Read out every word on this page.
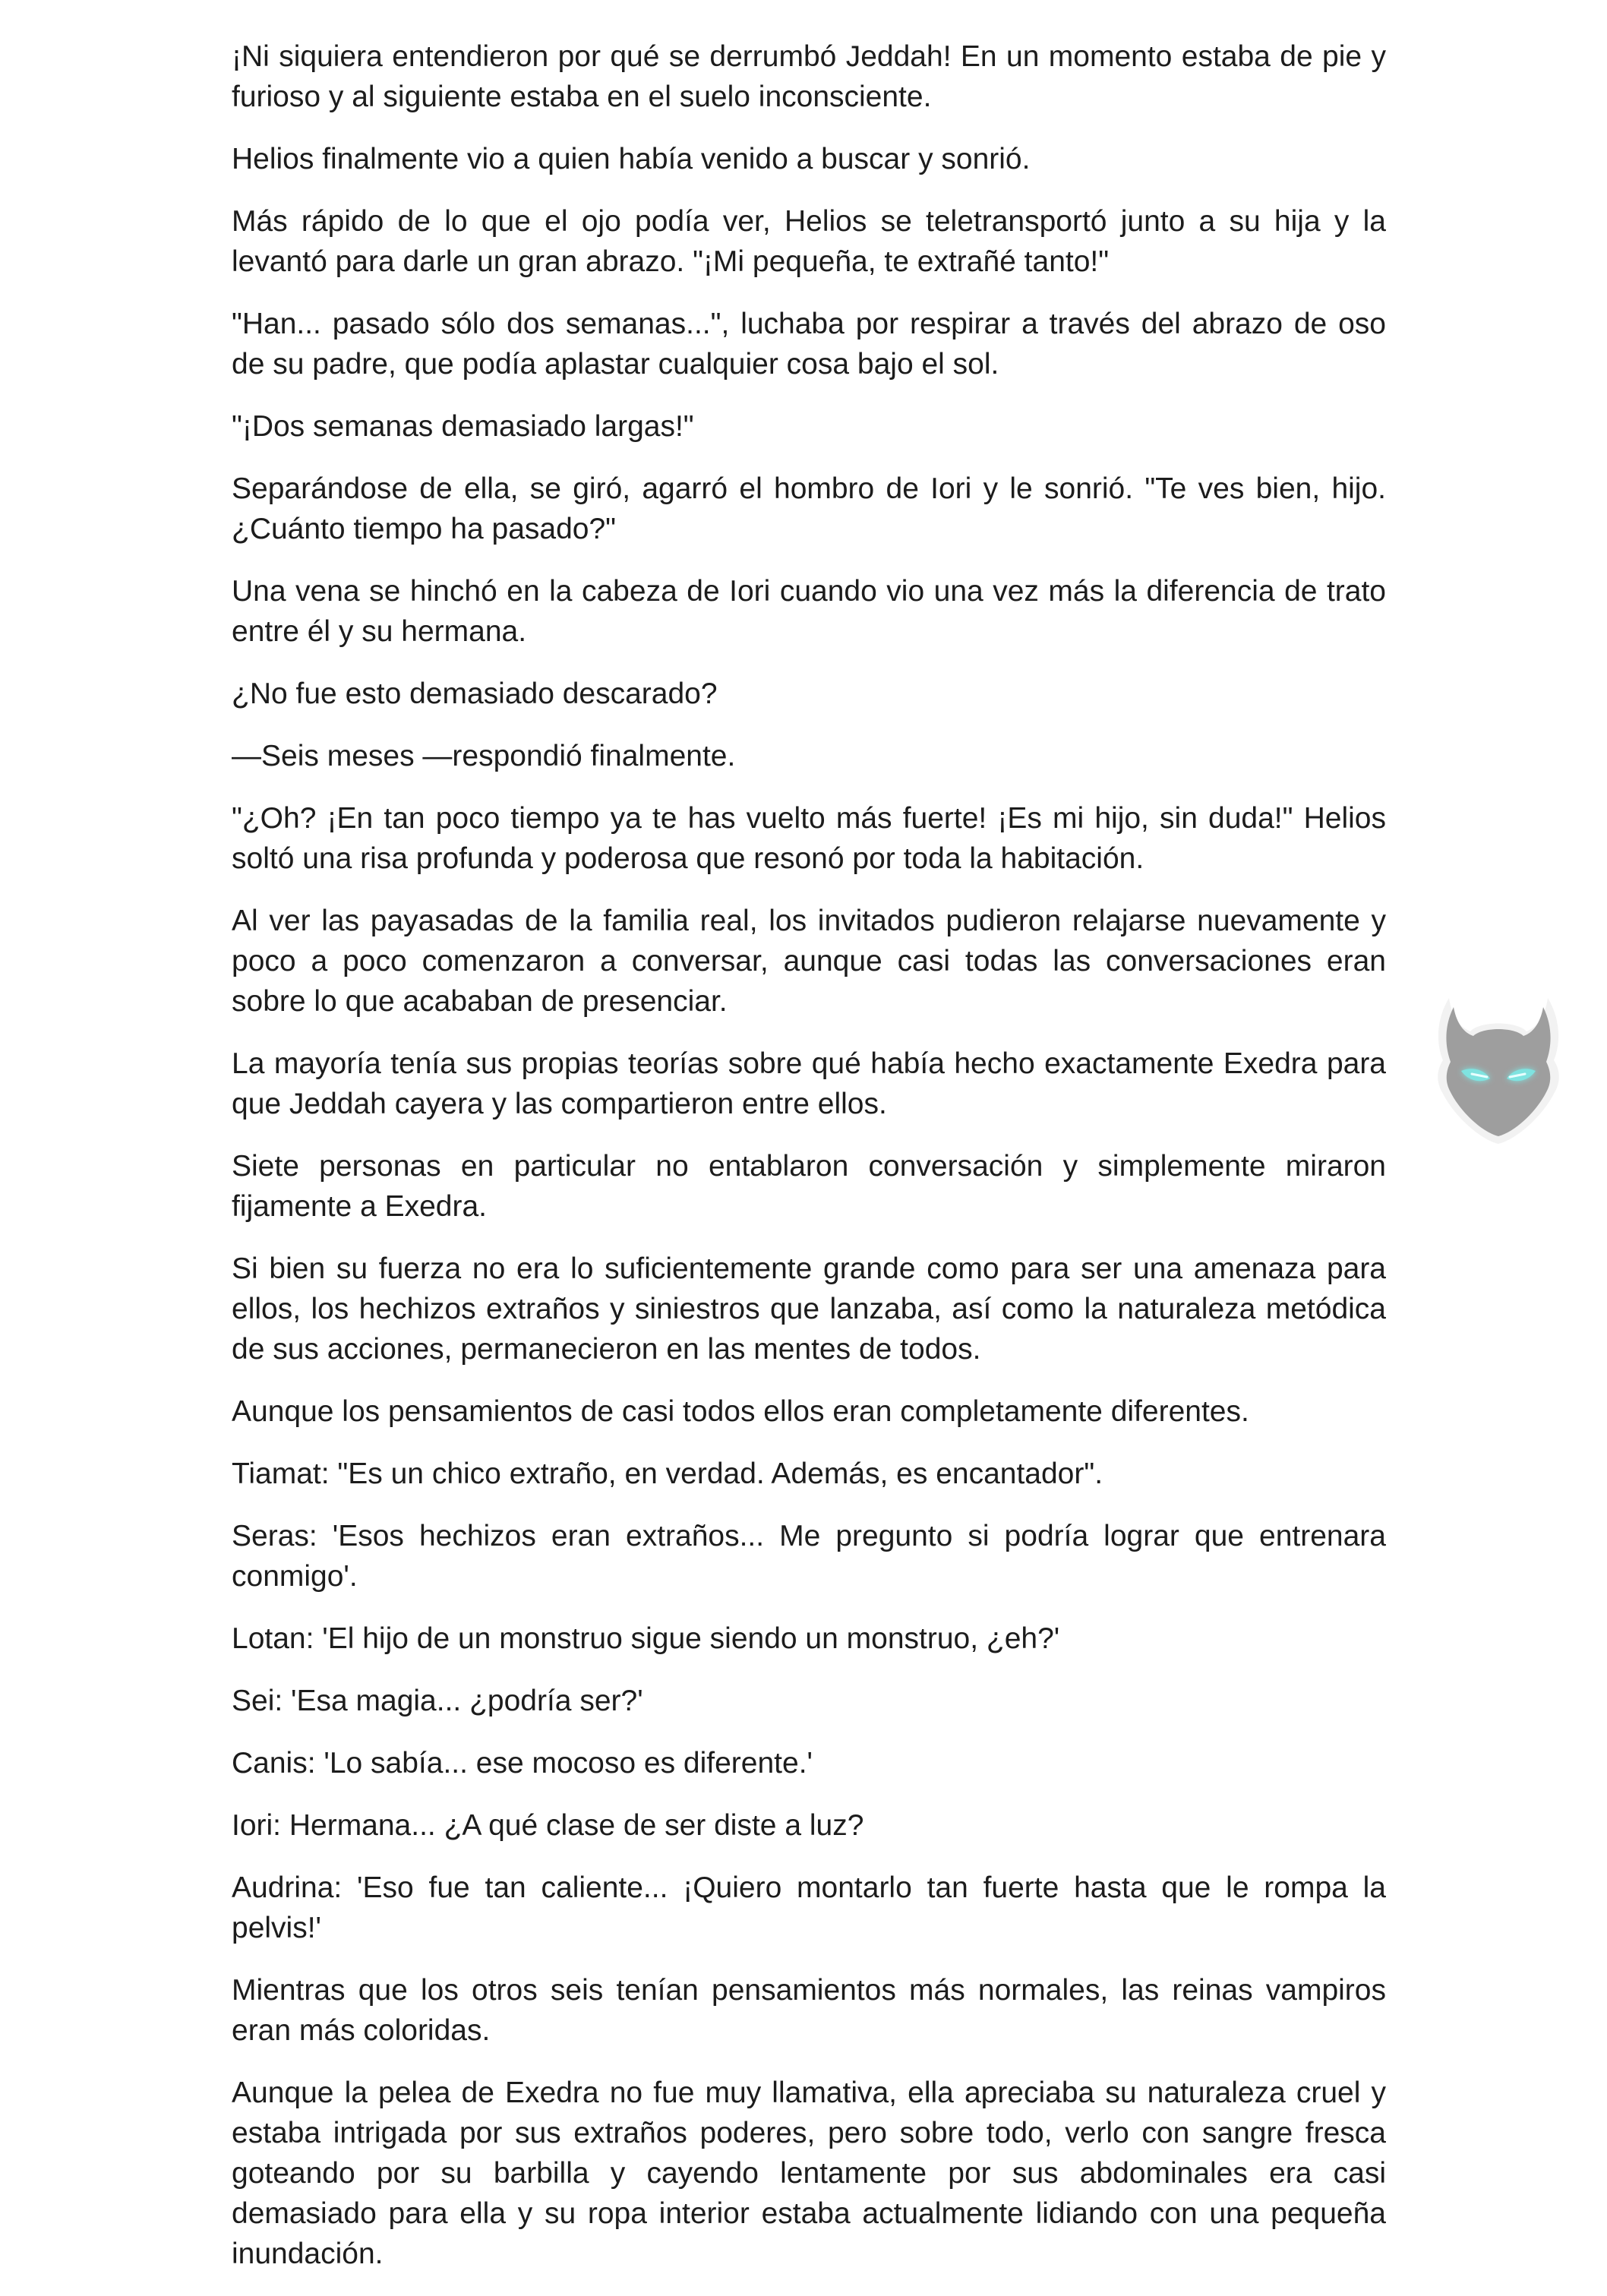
¡Ni siquiera entendieron por qué se derrumbó Jeddah! En un momento estaba de pie y furioso y al siguiente estaba en el suelo inconsciente.

Helios finalmente vio a quien había venido a buscar y sonrió.

Más rápido de lo que el ojo podía ver, Helios se teletransportó junto a su hija y la levantó para darle un gran abrazo. "¡Mi pequeña, te extrañé tanto!"

"Han... pasado sólo dos semanas...", luchaba por respirar a través del abrazo de oso de su padre, que podía aplastar cualquier cosa bajo el sol.

"¡Dos semanas demasiado largas!"

Separándose de ella, se giró, agarró el hombro de Iori y le sonrió. "Te ves bien, hijo. ¿Cuánto tiempo ha pasado?"

Una vena se hinchó en la cabeza de Iori cuando vio una vez más la diferencia de trato entre él y su hermana.

¿No fue esto demasiado descarado?

—Seis meses —respondió finalmente.

"¿Oh? ¡En tan poco tiempo ya te has vuelto más fuerte! ¡Es mi hijo, sin duda!" Helios soltó una risa profunda y poderosa que resonó por toda la habitación.

Al ver las payasadas de la familia real, los invitados pudieron relajarse nuevamente y poco a poco comenzaron a conversar, aunque casi todas las conversaciones eran sobre lo que acababan de presenciar.

La mayoría tenía sus propias teorías sobre qué había hecho exactamente Exedra para que Jeddah cayera y las compartieron entre ellos.

Siete personas en particular no entablaron conversación y simplemente miraron fijamente a Exedra.

Si bien su fuerza no era lo suficientemente grande como para ser una amenaza para ellos, los hechizos extraños y siniestros que lanzaba, así como la naturaleza metódica de sus acciones, permanecieron en las mentes de todos.

Aunque los pensamientos de casi todos ellos eran completamente diferentes.

Tiamat: "Es un chico extraño, en verdad. Además, es encantador".

Seras: 'Esos hechizos eran extraños... Me pregunto si podría lograr que entrenara conmigo'.

Lotan: 'El hijo de un monstruo sigue siendo un monstruo, ¿eh?'

Sei: 'Esa magia... ¿podría ser?'

Canis: 'Lo sabía... ese mocoso es diferente.'

Iori: Hermana... ¿A qué clase de ser diste a luz?

Audrina: 'Eso fue tan caliente... ¡Quiero montarlo tan fuerte hasta que le rompa la pelvis!'

Mientras que los otros seis tenían pensamientos más normales, las reinas vampiros eran más coloridas.

Aunque la pelea de Exedra no fue muy llamativa, ella apreciaba su naturaleza cruel y estaba intrigada por sus extraños poderes, pero sobre todo, verlo con sangre fresca goteando por su barbilla y cayendo lentamente por sus abdominales era casi demasiado para ella y su ropa interior estaba actualmente lidiando con una pequeña inundación.
